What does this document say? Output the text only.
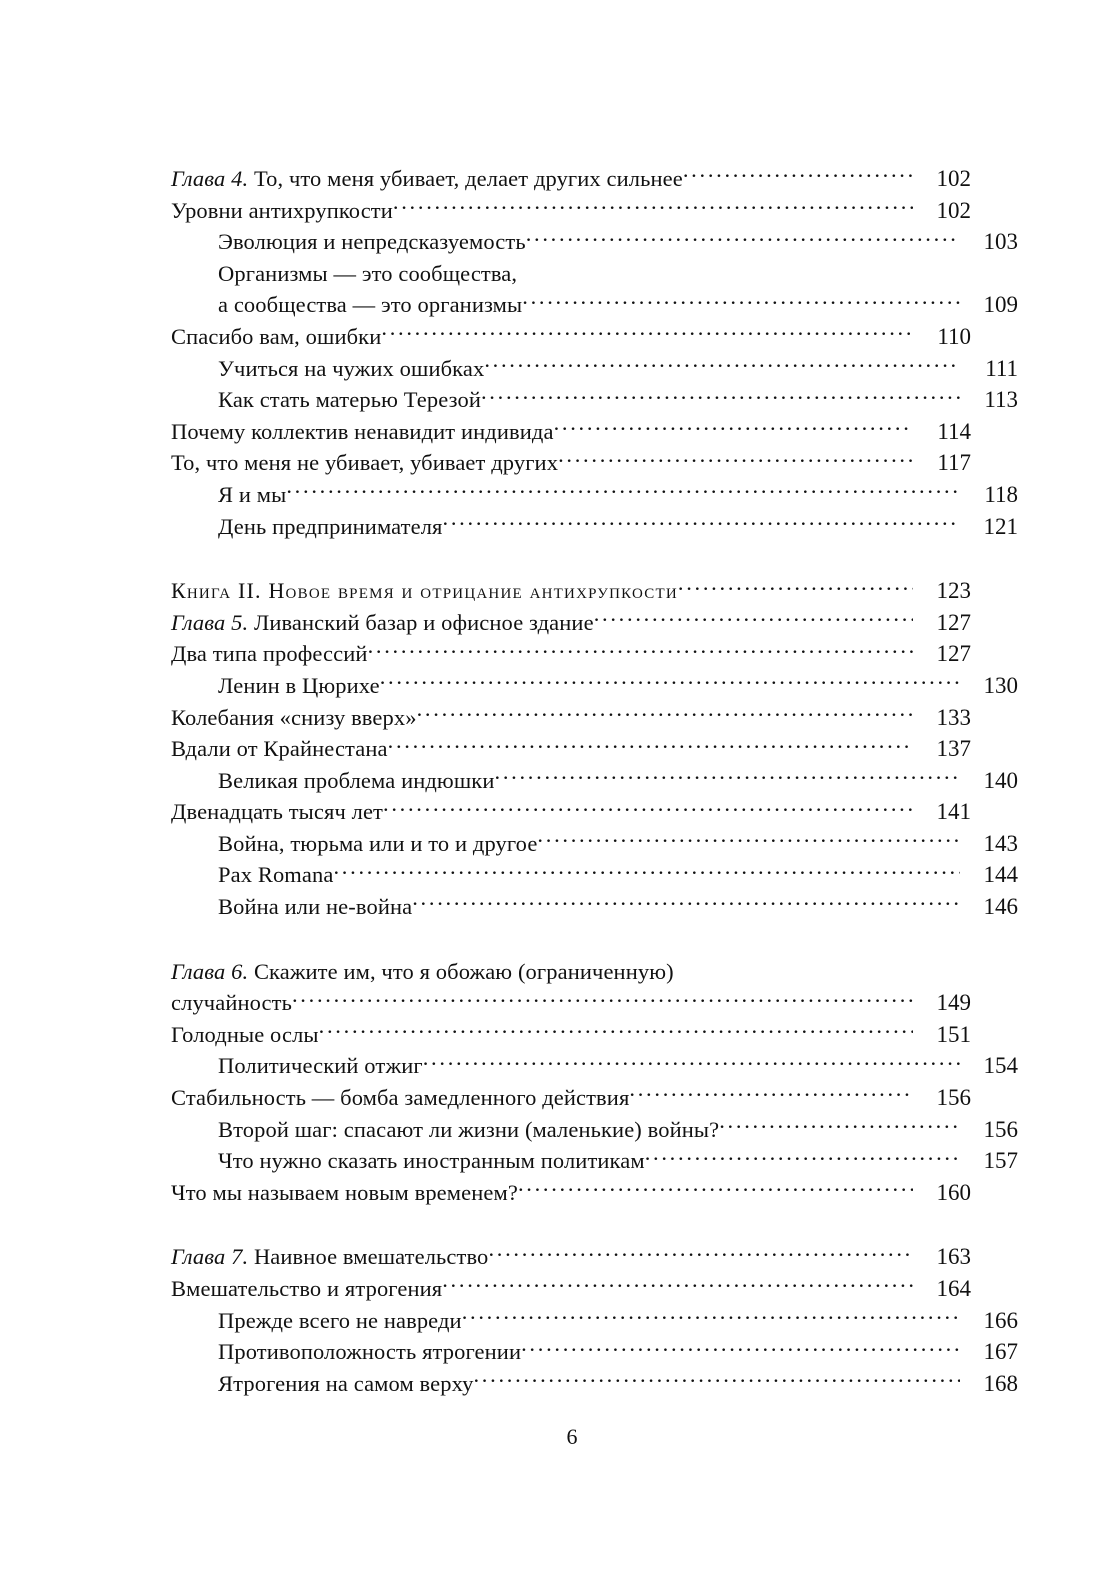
Глава 4. То, что меня убивает, делает других сильнее .....	102
Уровни антихрупкости .....	102
Эволюция и непредсказуемость .....	103
Организмы — это сообщества,
а сообщества — это организмы .....	109
Спасибо вам, ошибки .....	110
Учиться на чужих ошибках .....	111
Как стать матерью Терезой .....	113
Почему коллектив ненавидит индивида .....	114
То, что меня не убивает, убивает других .....	117
Я и мы .....	118
День предпринимателя .....	121
Книга II. Новое время и отрицание антихрупкости .....	123
Глава 5. Ливанский базар и офисное здание .....	127
Два типа профессий .....	127
Ленин в Цюрихе .....	130
Колебания «снизу вверх» .....	133
Вдали от Крайнестана .....	137
Великая проблема индюшки .....	140
Двенадцать тысяч лет .....	141
Война, тюрьма или и то и другое .....	143
Pax Romana .....	144
Война или не-война .....	146
Глава 6. Скажите им, что я обожаю (ограниченную)
случайность .....	149
Голодные ослы .....	151
Политический отжиг .....	154
Стабильность — бомба замедленного действия .....	156
Второй шаг: спасают ли жизни (маленькие) войны? .....	156
Что нужно сказать иностранным политикам .....	157
Что мы называем новым временем? .....	160
Глава 7. Наивное вмешательство .....	163
Вмешательство и ятрогения .....	164
Прежде всего не навреди .....	166
Противоположность ятрогении .....	167
Ятрогения на самом верху .....	168
6
